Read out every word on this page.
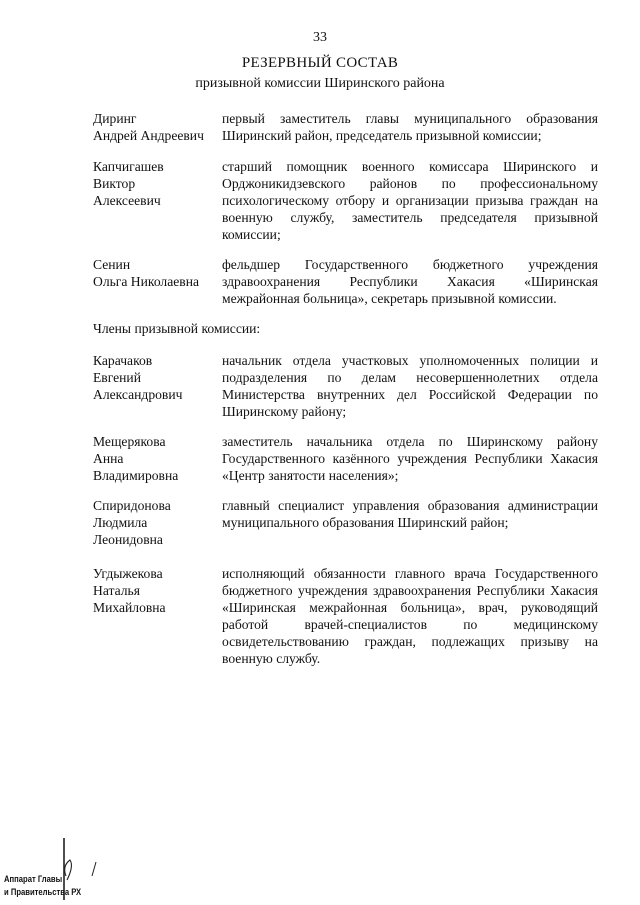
33
РЕЗЕРВНЫЙ СОСТАВ
призывной комиссии Ширинского района
Диринг
Андрей Андреевич
первый заместитель главы муниципального образования Ширинский район, председатель призывной комиссии;
Капчигашев
Виктор
Алексеевич
старший помощник военного комиссара Ширинского и Орджоникидзевского районов по профессиональному психологическому отбору и организации призыва граждан на военную службу, заместитель председателя призывной комиссии;
Сенин
Ольга Николаевна
фельдшер Государственного бюджетного учреждения здравоохранения Республики Хакасия «Ширинская межрайонная больница», секретарь призывной комиссии.
Члены призывной комиссии:
Карачаков
Евгений
Александрович
начальник отдела участковых уполномоченных полиции и подразделения по делам несовершеннолетних отдела Министерства внутренних дел Российской Федерации по Ширинскому району;
Мещерякова
Анна
Владимировна
заместитель начальника отдела по Ширинскому району Государственного казённого учреждения Республики Хакасия «Центр занятости населения»;
Спиридонова
Людмила
Леонидовна
главный специалист управления образования администрации муниципального образования Ширинский район;
Угдыжекова
Наталья
Михайловна
исполняющий обязанности главного врача Государственного бюджетного учреждения здравоохранения Республики Хакасия «Ширинская межрайонная больница», врач, руководящий работой врачей-специалистов по медицинскому освидетельствованию граждан, подлежащих призыву на военную службу.
Аппарат Главы
и Правительства РХ
